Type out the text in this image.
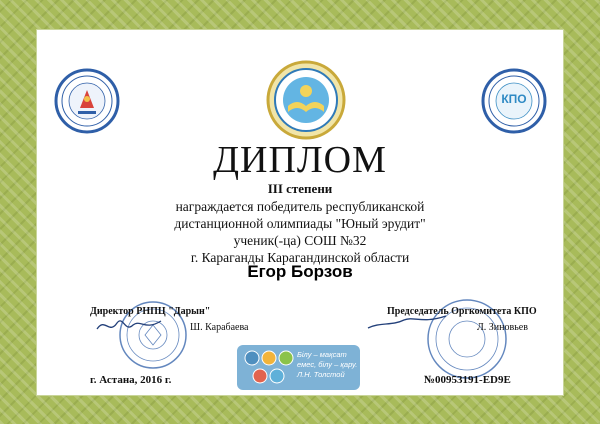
КПО
ДИПЛОМ
III степени
награждается победитель республиканской
дистанционной олимпиады "Юный эрудит"
ученик(-ца) СОШ №32
г. Караганды Карагандинской области
Егор Борзов
Директор РНПЦ "Дарын"
Ш. Карабаева
Председатель Оргкомитета КПО
Л. Зиновьев
Білу – мақсат
емес, білу – қару.
Л.Н. Толстой
г. Астана, 2016 г.	№00953191-ED9E
